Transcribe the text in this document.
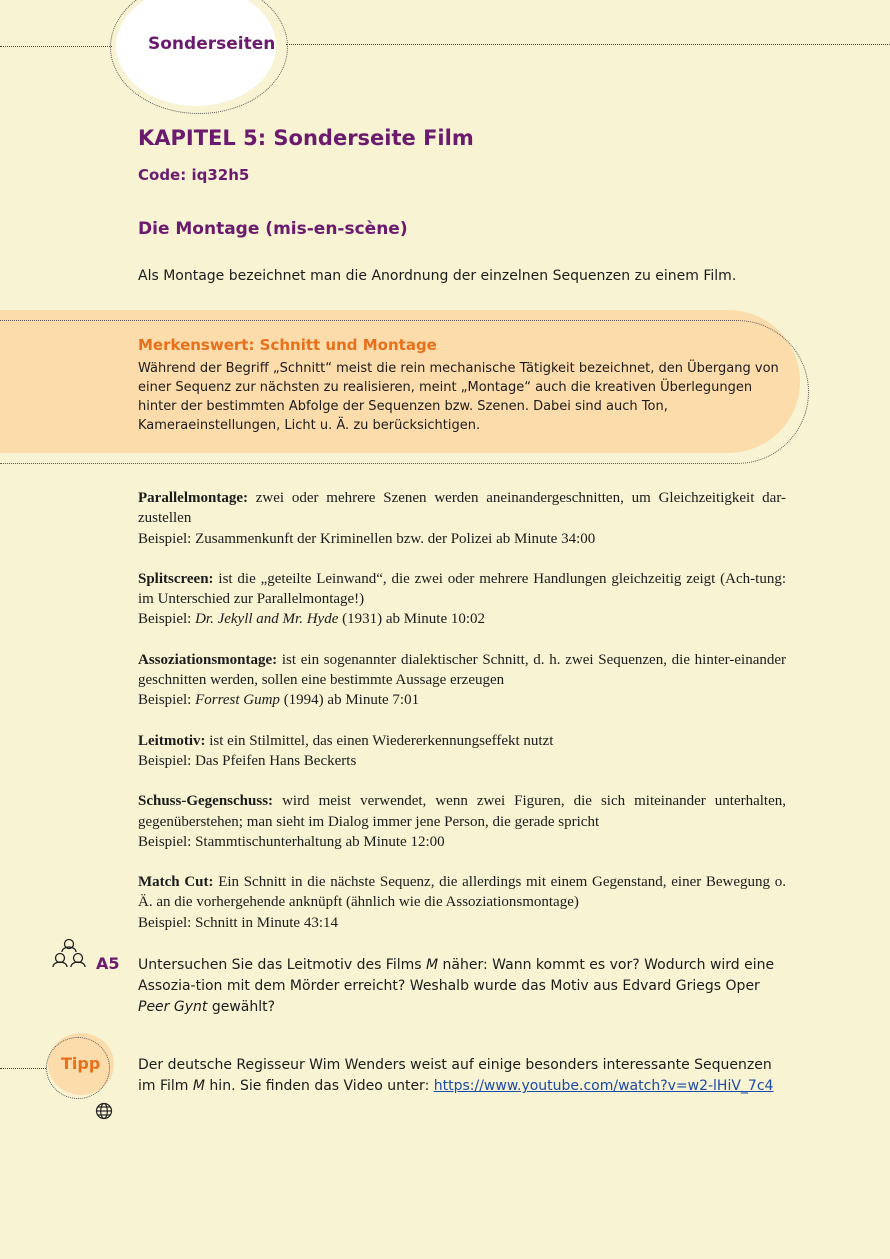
Sonderseiten
KAPITEL 5: Sonderseite Film
Code: iq32h5
Die Montage (mis-en-scène)
Als Montage bezeichnet man die Anordnung der einzelnen Sequenzen zu einem Film.
Merkenswert: Schnitt und Montage
Während der Begriff „Schnitt“ meist die rein mechanische Tätigkeit bezeichnet, den Übergang von einer Sequenz zur nächsten zu realisieren, meint „Montage“ auch die kreativen Überlegungen hinter der bestimmten Abfolge der Sequenzen bzw. Szenen. Dabei sind auch Ton, Kameraeinstellungen, Licht u. Ä. zu berücksichtigen.
Parallelmontage: zwei oder mehrere Szenen werden aneinandergeschnitten, um Gleichzeitigkeit dar-zustellen
Beispiel: Zusammenkunft der Kriminellen bzw. der Polizei ab Minute 34:00
Splitscreen: ist die „geteilte Leinwand“, die zwei oder mehrere Handlungen gleichzeitig zeigt (Ach-tung: im Unterschied zur Parallelmontage!)
Beispiel: Dr. Jekyll and Mr. Hyde (1931) ab Minute 10:02
Assoziationsmontage: ist ein sogenannter dialektischer Schnitt, d. h. zwei Sequenzen, die hinter-einander geschnitten werden, sollen eine bestimmte Aussage erzeugen
Beispiel: Forrest Gump (1994) ab Minute 7:01
Leitmotiv: ist ein Stilmittel, das einen Wiedererkennungseffekt nutzt
Beispiel: Das Pfeifen Hans Beckerts
Schuss-Gegenschuss: wird meist verwendet, wenn zwei Figuren, die sich miteinander unterhalten, gegenüberstehen; man sieht im Dialog immer jene Person, die gerade spricht
Beispiel: Stammtischunterhaltung ab Minute 12:00
Match Cut: Ein Schnitt in die nächste Sequenz, die allerdings mit einem Gegenstand, einer Bewegung o. Ä. an die vorhergehende anknüpft (ähnlich wie die Assoziationsmontage)
Beispiel: Schnitt in Minute 43:14
A5 Untersuchen Sie das Leitmotiv des Films M näher: Wann kommt es vor? Wodurch wird eine Assozia-tion mit dem Mörder erreicht? Weshalb wurde das Motiv aus Edvard Griegs Oper Peer Gynt gewählt?
Tipp	Der deutsche Regisseur Wim Wenders weist auf einige besonders interessante Sequenzen im Film M hin. Sie finden das Video unter: https://www.youtube.com/watch?v=w2-lHiV_7c4
